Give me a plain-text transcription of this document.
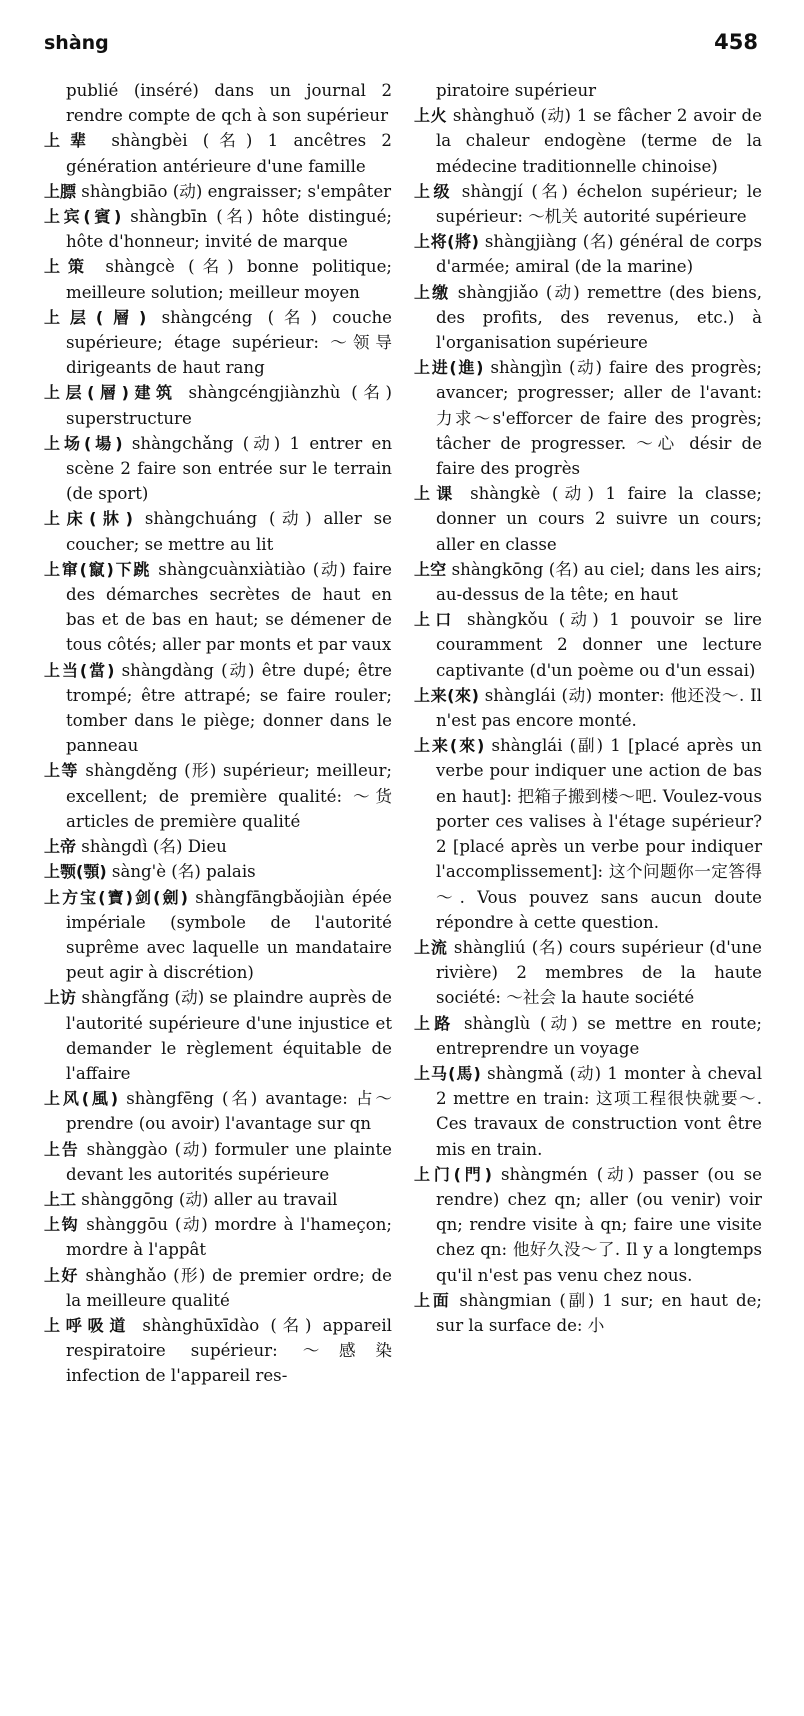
shàng	458

publié (inséré) dans un journal 2 rendre compte de qch à son supérieur

上辈 shàngbèi (名) 1 ancêtres 2 génération antérieure d'une famille

上膘 shàngbiāo (动) engraisser; s'empâter

上宾(賓) shàngbīn (名) hôte distingué; hôte d'honneur; invité de marque

上策 shàngcè (名) bonne politique; meilleure solution; meilleur moyen

上层(層) shàngcéng (名) couche supérieure; étage supérieur: ～领导 dirigeants de haut rang

上层(層)建筑 shàngcéngjiànzhù (名) superstructure

上场(場) shàngchǎng (动) 1 entrer en scène 2 faire son entrée sur le terrain (de sport)

上床(牀) shàngchuáng (动) aller se coucher; se mettre au lit

上窜(竄)下跳 shàngcuànxiàtiào (动) faire des démarches secrètes de haut en bas et de bas en haut; se démener de tous côtés; aller par monts et par vaux

上当(當) shàngdàng (动) être dupé; être trompé; être attrapé; se faire rouler; tomber dans le piège; donner dans le panneau

上等 shàngděng (形) supérieur; meilleur; excellent; de première qualité: ～货 articles de première qualité

上帝 shàngdì (名) Dieu

上颚(顎) sàng'è (名) palais

上方宝(寶)剑(劍) shàngfāngbǎojiàn épée impériale (symbole de l'autorité suprême avec laquelle un mandataire peut agir à discrétion)

上访 shàngfǎng (动) se plaindre auprès de l'autorité supérieure d'une injustice et demander le règlement équitable de l'affaire

上风(風) shàngfēng (名) avantage: 占～ prendre (ou avoir) l'avantage sur qn

上告 shànggào (动) formuler une plainte devant les autorités supérieure

上工 shànggōng (动) aller au travail

上钩 shànggōu (动) mordre à l'hameçon; mordre à l'appât

上好 shànghǎo (形) de premier ordre; de la meilleure qualité

上呼吸道 shànghūxīdào (名) appareil respiratoire supérieur: ～感染 infection de l'appareil res-

piratoire supérieur

上火 shànghuǒ (动) 1 se fâcher 2 avoir de la chaleur endogène (terme de la médecine traditionnelle chinoise)

上级 shàngjí (名) échelon supérieur; le supérieur: ～机关 autorité supérieure

上将(將) shàngjiàng (名) général de corps d'armée; amiral (de la marine)

上缴 shàngjiǎo (动) remettre (des biens, des profits, des revenus, etc.) à l'organisation supérieure

上进(進) shàngjìn (动) faire des progrès; avancer; progresser; aller de l'avant: 力求～s'efforcer de faire des progrès; tâcher de progresser. ～心 désir de faire des progrès

上课 shàngkè (动) 1 faire la classe; donner un cours 2 suivre un cours; aller en classe

上空 shàngkōng (名) au ciel; dans les airs; au-dessus de la tête; en haut

上口 shàngkǒu (动) 1 pouvoir se lire couramment 2 donner une lecture captivante (d'un poème ou d'un essai)

上来(來) shànglái (动) monter: 他还没～. Il n'est pas encore monté.

上来(來) shànglái (副) 1 [placé après un verbe pour indiquer une action de bas en haut]: 把箱子搬到楼～吧. Voulez-vous porter ces valises à l'étage supérieur? 2 [placé après un verbe pour indiquer l'accomplissement]: 这个问题你一定答得～. Vous pouvez sans aucun doute répondre à cette question.

上流 shàngliú (名) cours supérieur (d'une rivière) 2 membres de la haute société: ～社会 la haute société

上路 shànglù (动) se mettre en route; entreprendre un voyage

上马(馬) shàngmǎ (动) 1 monter à cheval 2 mettre en train: 这项工程很快就要～. Ces travaux de construction vont être mis en train.

上门(門) shàngmén (动) passer (ou se rendre) chez qn; aller (ou venir) voir qn; rendre visite à qn; faire une visite chez qn: 他好久没～了. Il y a longtemps qu'il n'est pas venu chez nous.

上面 shàngmian (副) 1 sur; en haut de; sur la surface de: 小
